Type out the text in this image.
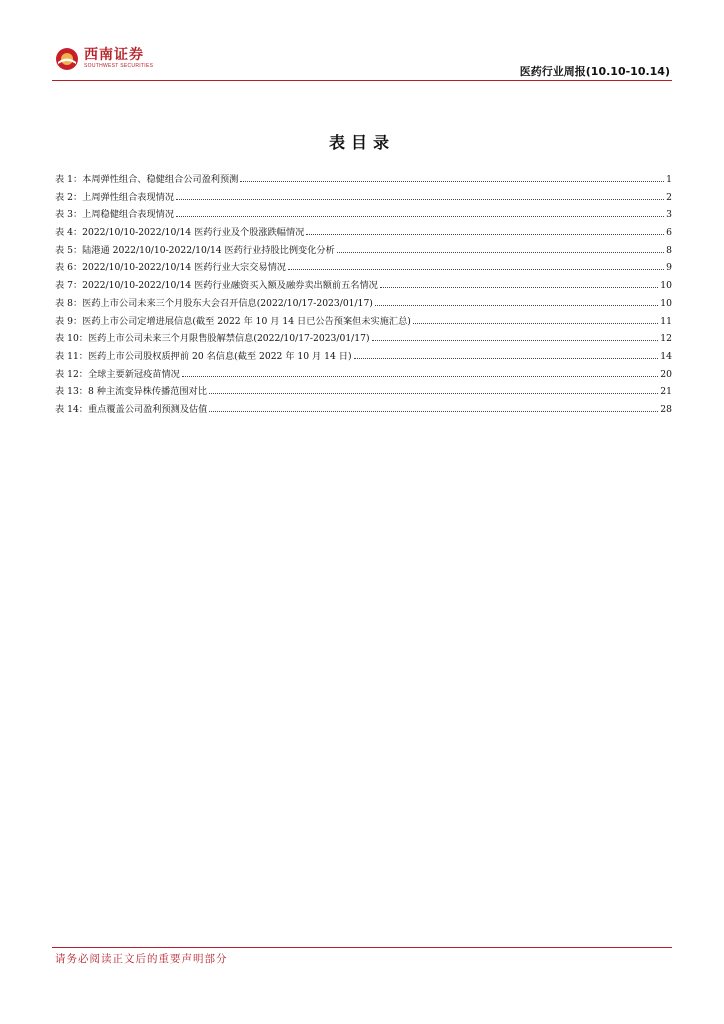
西南证券
SOUTHWEST SECURITIES	医药行业周报(10.10-10.14)
表目录
表 1：本周弹性组合、稳健组合公司盈利预测	1
表 2：上周弹性组合表现情况	2
表 3：上周稳健组合表现情况	3
表 4：2022/10/10-2022/10/14 医药行业及个股涨跌幅情况	6
表 5：陆港通 2022/10/10-2022/10/14 医药行业持股比例变化分析	8
表 6：2022/10/10-2022/10/14 医药行业大宗交易情况	9
表 7：2022/10/10-2022/10/14 医药行业融资买入额及融券卖出额前五名情况	10
表 8：医药上市公司未来三个月股东大会召开信息(2022/10/17-2023/01/17)	10
表 9：医药上市公司定增进展信息(截至 2022 年 10 月 14 日已公告预案但未实施汇总)	11
表 10：医药上市公司未来三个月限售股解禁信息(2022/10/17-2023/01/17)	12
表 11：医药上市公司股权质押前 20 名信息(截至 2022 年 10 月 14 日)	14
表 12：全球主要新冠疫苗情况	20
表 13：8 种主流变异株传播范围对比	21
表 14：重点覆盖公司盈利预测及估值	28
请务必阅读正文后的重要声明部分
